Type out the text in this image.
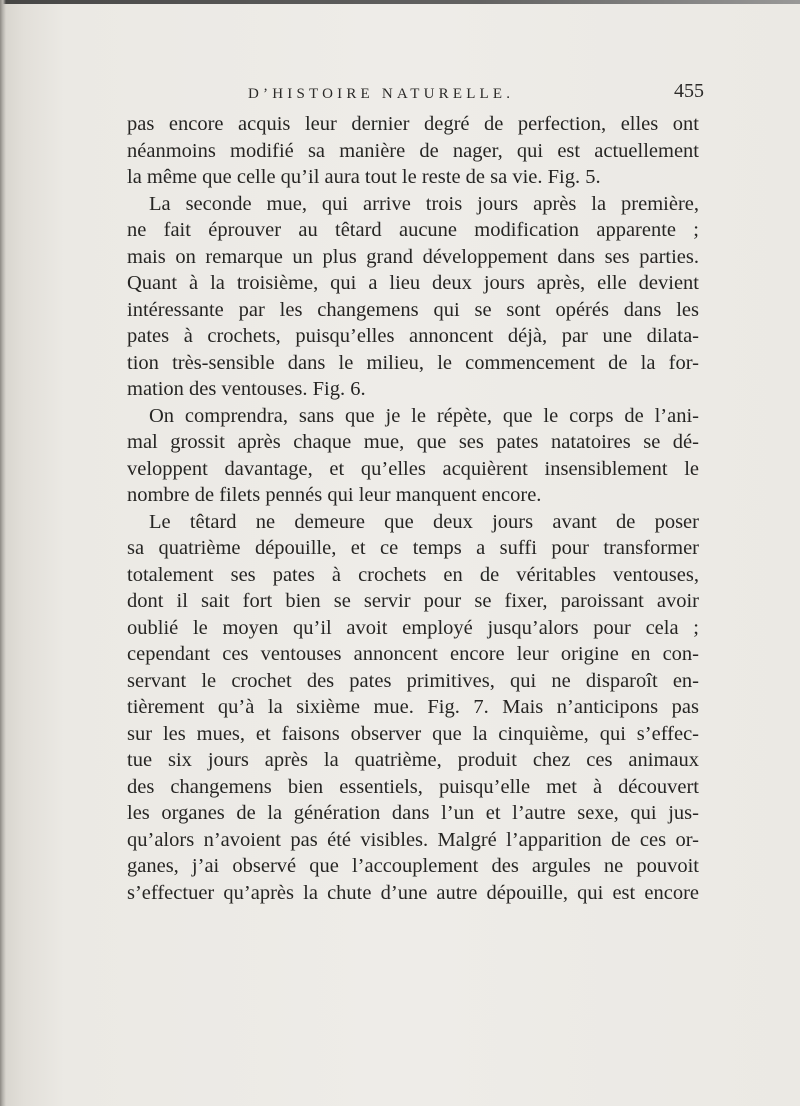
D’HISTOIRE NATURELLE.	455
pas encore acquis leur dernier degré de perfection, elles ont
néanmoins modifié sa manière de nager, qui est actuellement
la même que celle qu’il aura tout le reste de sa vie. Fig. 5.
La seconde mue, qui arrive trois jours après la première,
ne fait éprouver au têtard aucune modification apparente ;
mais on remarque un plus grand développement dans ses parties.
Quant à la troisième, qui a lieu deux jours après, elle devient
intéressante par les changemens qui se sont opérés dans les
pates à crochets, puisqu’elles annoncent déjà, par une dilata-
tion très-sensible dans le milieu, le commencement de la for-
mation des ventouses. Fig. 6.
On comprendra, sans que je le répète, que le corps de l’ani-
mal grossit après chaque mue, que ses pates natatoires se dé-
veloppent davantage, et qu’elles acquièrent insensiblement le
nombre de filets pennés qui leur manquent encore.
Le têtard ne demeure que deux jours avant de poser
sa quatrième dépouille, et ce temps a suffi pour transformer
totalement ses pates à crochets en de véritables ventouses,
dont il sait fort bien se servir pour se fixer, paroissant avoir
oublié le moyen qu’il avoit employé jusqu’alors pour cela ;
cependant ces ventouses annoncent encore leur origine en con-
servant le crochet des pates primitives, qui ne disparoît en-
tièrement qu’à la sixième mue. Fig. 7. Mais n’anticipons pas
sur les mues, et faisons observer que la cinquième, qui s’effec-
tue six jours après la quatrième, produit chez ces animaux
des changemens bien essentiels, puisqu’elle met à découvert
les organes de la génération dans l’un et l’autre sexe, qui jus-
qu’alors n’avoient pas été visibles. Malgré l’apparition de ces or-
ganes, j’ai observé que l’accouplement des argules ne pouvoit
s’effectuer qu’après la chute d’une autre dépouille, qui est encore
